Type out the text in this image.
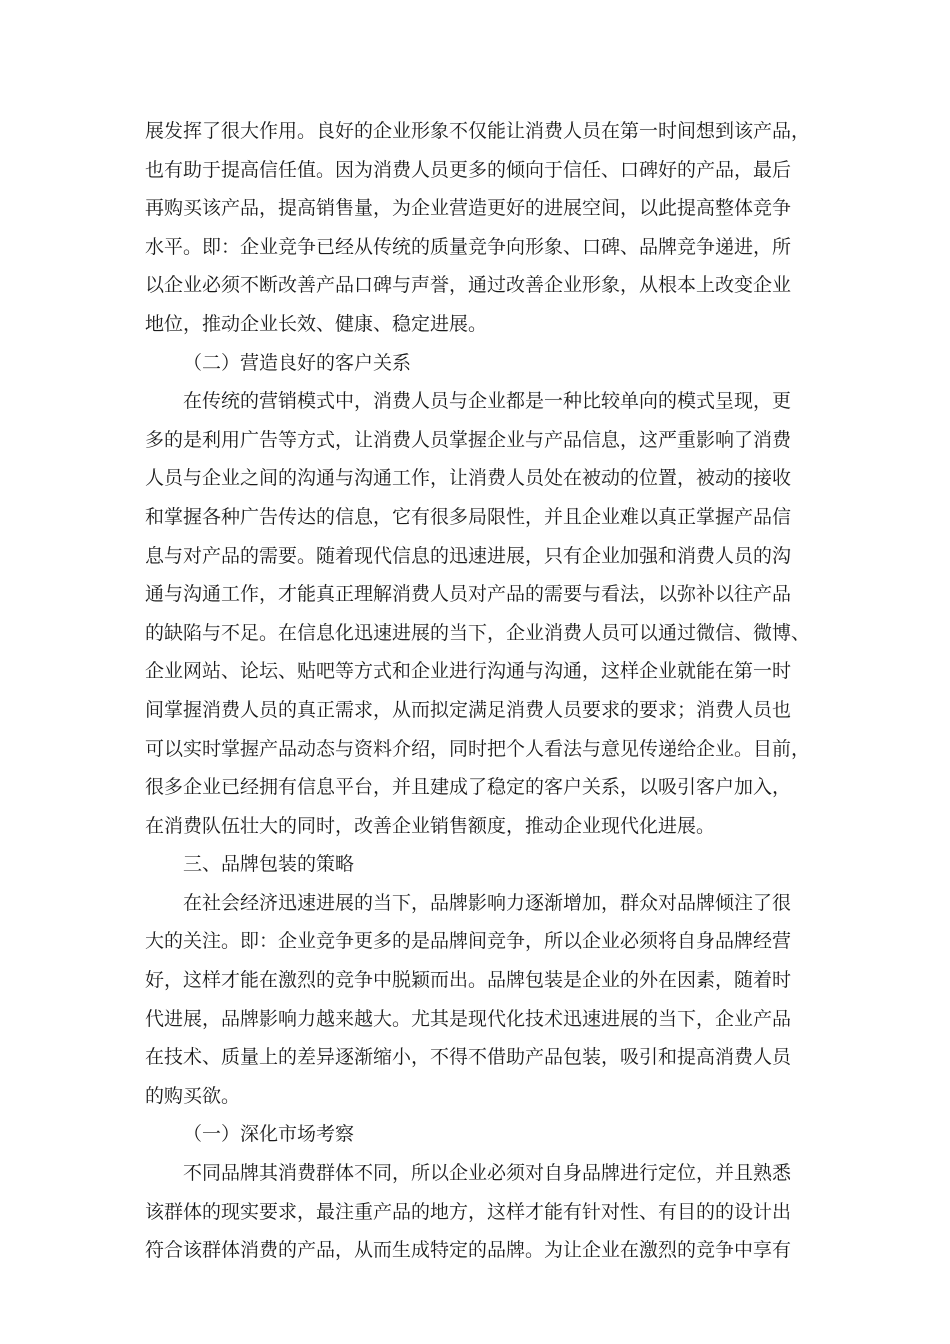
展发挥了很大作用。良好的企业形象不仅能让消费人员在第一时间想到该产品，
也有助于提高信任值。因为消费人员更多的倾向于信任、口碑好的产品，最后
再购买该产品，提高销售量，为企业营造更好的进展空间，以此提高整体竞争
水平。即：企业竞争已经从传统的质量竞争向形象、口碑、品牌竞争递进，所
以企业必须不断改善产品口碑与声誉，通过改善企业形象，从根本上改变企业
地位，推动企业长效、健康、稳定进展。
（二）营造良好的客户关系
在传统的营销模式中，消费人员与企业都是一种比较单向的模式呈现，更
多的是利用广告等方式，让消费人员掌握企业与产品信息，这严重影响了消费
人员与企业之间的沟通与沟通工作，让消费人员处在被动的位置，被动的接收
和掌握各种广告传达的信息，它有很多局限性，并且企业难以真正掌握产品信
息与对产品的需要。随着现代信息的迅速进展，只有企业加强和消费人员的沟
通与沟通工作，才能真正理解消费人员对产品的需要与看法，以弥补以往产品
的缺陷与不足。在信息化迅速进展的当下，企业消费人员可以通过微信、微博、
企业网站、论坛、贴吧等方式和企业进行沟通与沟通，这样企业就能在第一时
间掌握消费人员的真正需求，从而拟定满足消费人员要求的要求；消费人员也
可以实时掌握产品动态与资料介绍，同时把个人看法与意见传递给企业。目前，
很多企业已经拥有信息平台，并且建成了稳定的客户关系，以吸引客户加入，
在消费队伍壮大的同时，改善企业销售额度，推动企业现代化进展。
三、品牌包装的策略
在社会经济迅速进展的当下，品牌影响力逐渐增加，群众对品牌倾注了很
大的关注。即：企业竞争更多的是品牌间竞争，所以企业必须将自身品牌经营
好，这样才能在激烈的竞争中脱颖而出。品牌包装是企业的外在因素，随着时
代进展，品牌影响力越来越大。尤其是现代化技术迅速进展的当下，企业产品
在技术、质量上的差异逐渐缩小，不得不借助产品包装，吸引和提高消费人员
的购买欲。
（一）深化市场考察
不同品牌其消费群体不同，所以企业必须对自身品牌进行定位，并且熟悉
该群体的现实要求，最注重产品的地方，这样才能有针对性、有目的的设计出
符合该群体消费的产品，从而生成特定的品牌。为让企业在激烈的竞争中享有
